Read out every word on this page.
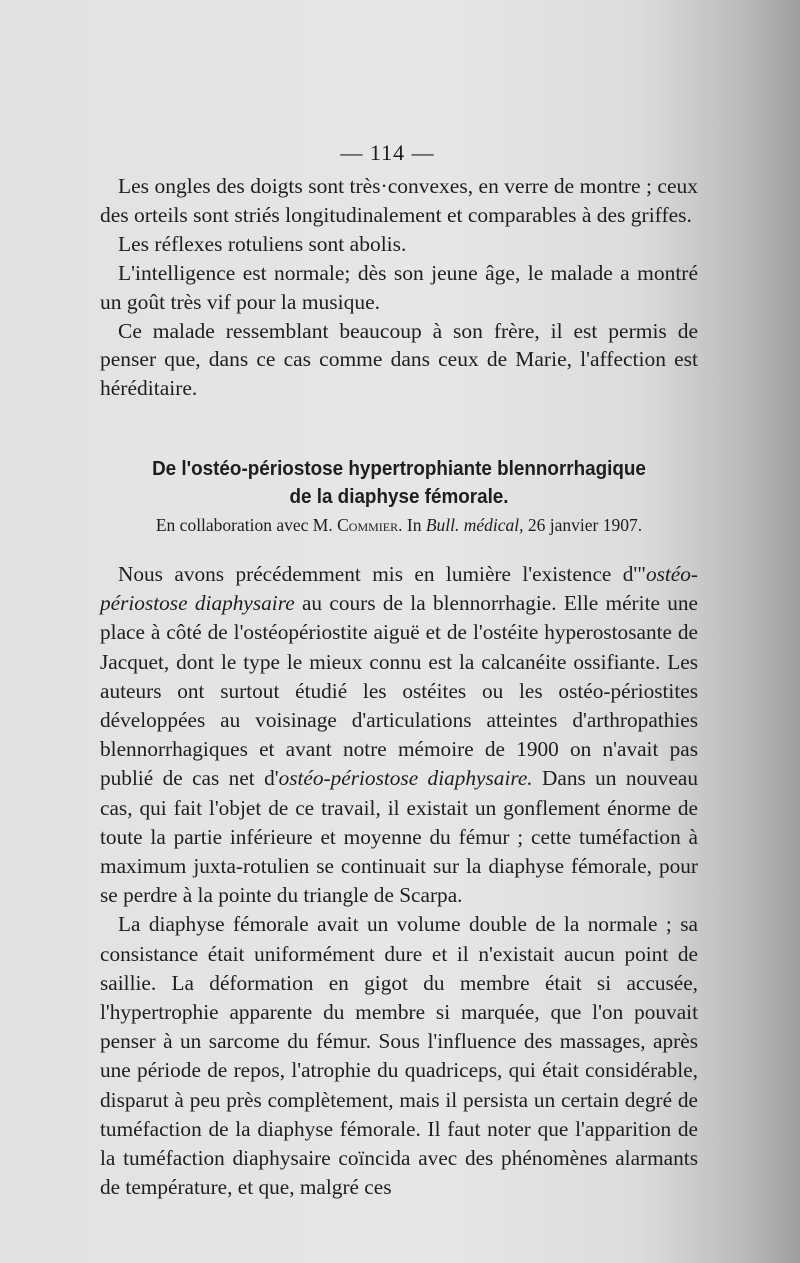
— 114 —

Les ongles des doigts sont très·convexes, en verre de montre ; ceux des orteils sont striés longitudinalement et comparables à des griffes.

Les réflexes rotuliens sont abolis.

L'intelligence est normale; dès son jeune âge, le malade a montré un goût très vif pour la musique.

Ce malade ressemblant beaucoup à son frère, il est permis de penser que, dans ce cas comme dans ceux de Marie, l'affection est héréditaire.

De l'ostéo-périostose hypertrophiante blennorrhagique
de la diaphyse fémorale.
En collaboration avec M. Commier. In Bull. médical, 26 janvier 1907.

Nous avons précédemment mis en lumière l'existence d'"ostéo-périostose diaphysaire au cours de la blennorrhagie. Elle mérite une place à côté de l'ostéopériostite aiguë et de l'ostéite hyperostosante de Jacquet, dont le type le mieux connu est la calcanéite ossifiante. Les auteurs ont surtout étudié les ostéites ou les ostéo-périostites développées au voisinage d'articulations atteintes d'arthropathies blennorrhagiques et avant notre mémoire de 1900 on n'avait pas publié de cas net d'ostéo-périostose diaphysaire. Dans un nouveau cas, qui fait l'objet de ce travail, il existait un gonflement énorme de toute la partie inférieure et moyenne du fémur ; cette tuméfaction à maximum juxta-rotulien se continuait sur la diaphyse fémorale, pour se perdre à la pointe du triangle de Scarpa.

La diaphyse fémorale avait un volume double de la normale ; sa consistance était uniformément dure et il n'existait aucun point de saillie. La déformation en gigot du membre était si accusée, l'hypertrophie apparente du membre si marquée, que l'on pouvait penser à un sarcome du fémur. Sous l'influence des massages, après une période de repos, l'atrophie du quadriceps, qui était considérable, disparut à peu près complètement, mais il persista un certain degré de tuméfaction de la diaphyse fémorale. Il faut noter que l'apparition de la tuméfaction diaphysaire coïncida avec des phénomènes alarmants de température, et que, malgré ces
